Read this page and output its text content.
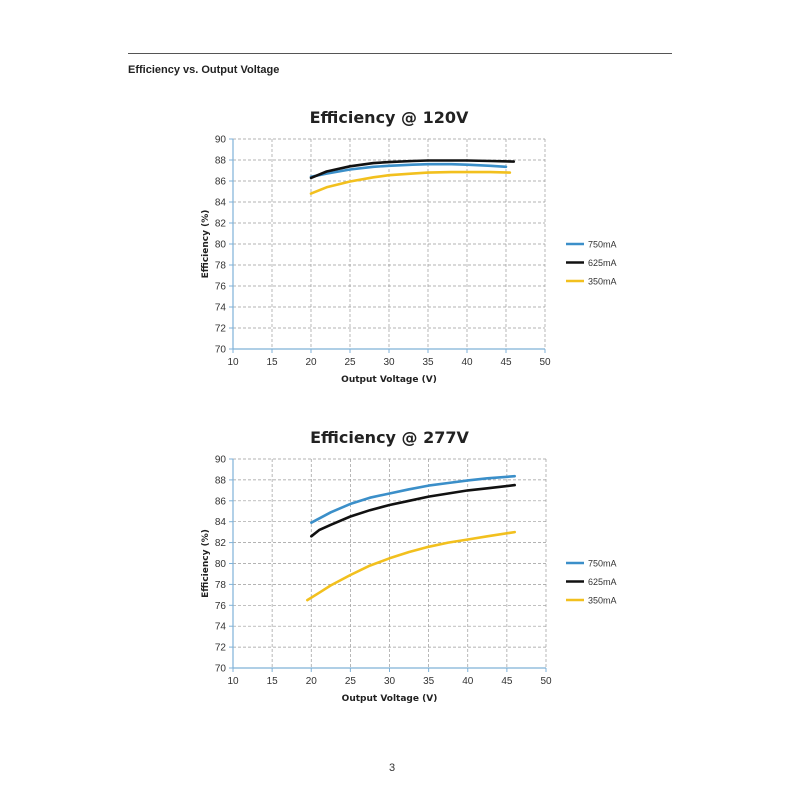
Efficiency vs. Output Voltage
Efficiency @ 120V
70
72
74
76
78
80
82
84
86
88
90
10	15	20	25	30	35	40	45	50
Output Voltage (V)
Efficiency (%)	750mA
625mA
350mA
Efficiency @ 277V
70
72
74
76
78
80
82
84
86
88
90
10	15	20	25	30	35	40	45	50
Output Voltage (V)
Efficiency (%)	750mA
625mA
350mA
3
